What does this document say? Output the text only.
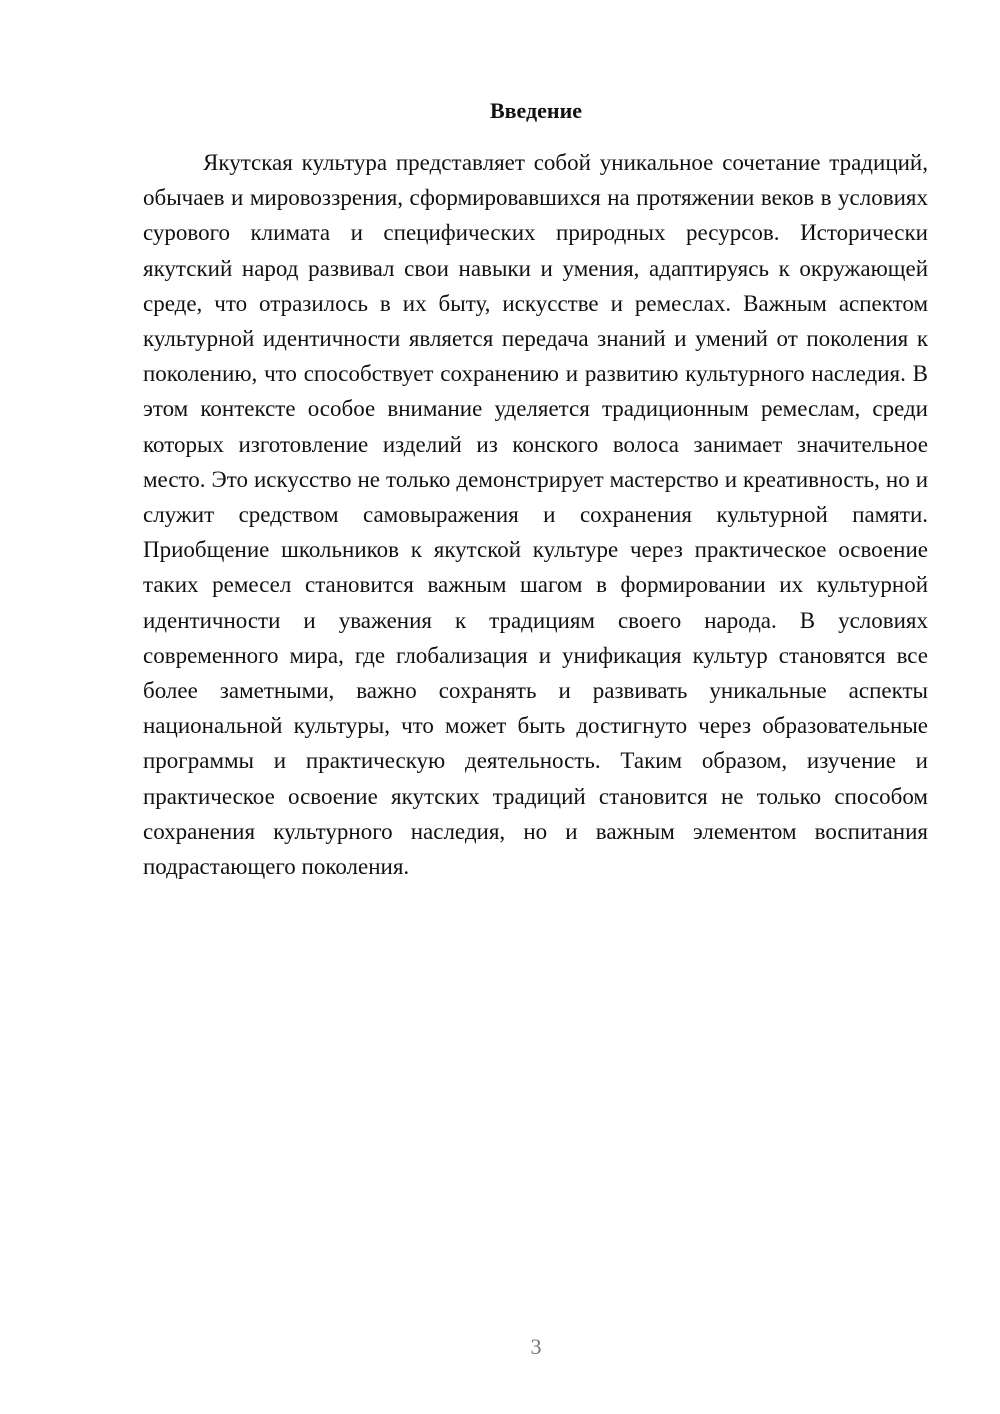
Введение

Якутская культура представляет собой уникальное сочетание традиций, обычаев и мировоззрения, сформировавшихся на протяжении веков в условиях сурового климата и специфических природных ресурсов. Исторически якутский народ развивал свои навыки и умения, адаптируясь к окружающей среде, что отразилось в их быту, искусстве и ремеслах. Важным аспектом культурной идентичности является передача знаний и умений от поколения к поколению, что способствует сохранению и развитию культурного наследия. В этом контексте особое внимание уделяется традиционным ремеслам, среди которых изготовление изделий из конского волоса занимает значительное место. Это искусство не только демонстрирует мастерство и креативность, но и служит средством самовыражения и сохранения культурной памяти. Приобщение школьников к якутской культуре через практическое освоение таких ремесел становится важным шагом в формировании их культурной идентичности и уважения к традициям своего народа. В условиях современного мира, где глобализация и унификация культур становятся все более заметными, важно сохранять и развивать уникальные аспекты национальной культуры, что может быть достигнуто через образовательные программы и практическую деятельность. Таким образом, изучение и практическое освоение якутских традиций становится не только способом сохранения культурного наследия, но и важным элементом воспитания подрастающего поколения.

3
